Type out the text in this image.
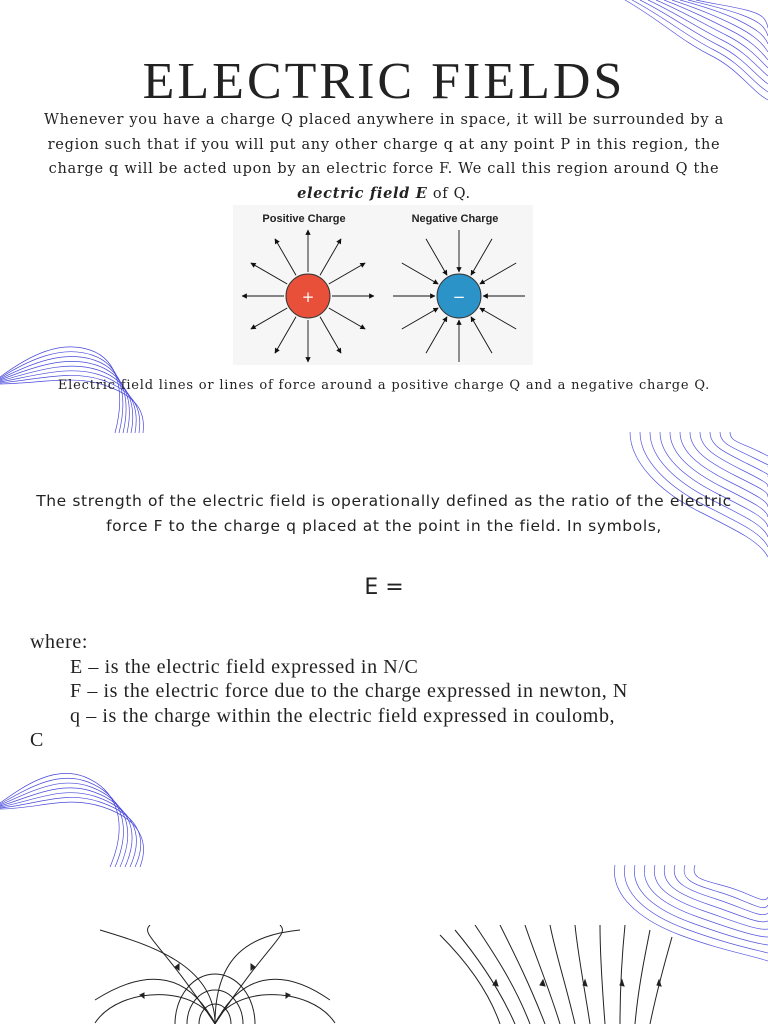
ELECTRIC FIELDS

Whenever you have a charge Q placed anywhere in space, it will be surrounded by a region such that if you will put any other charge q at any point P in this region, the charge q will be acted upon by an electric force F. We call this region around Q the electric field E of Q.

Positive Charge	Negative Charge
+	−

Electric field lines or lines of force around a positive charge Q and a negative charge Q.

The strength of the electric field is operationally defined as the ratio of the electric force F to the charge q placed at the point in the field. In symbols,

E =

where:
E – is the electric field expressed in N/C
F – is the electric force due to the charge expressed in newton, N
q – is the charge within the electric field expressed in coulomb,
C
